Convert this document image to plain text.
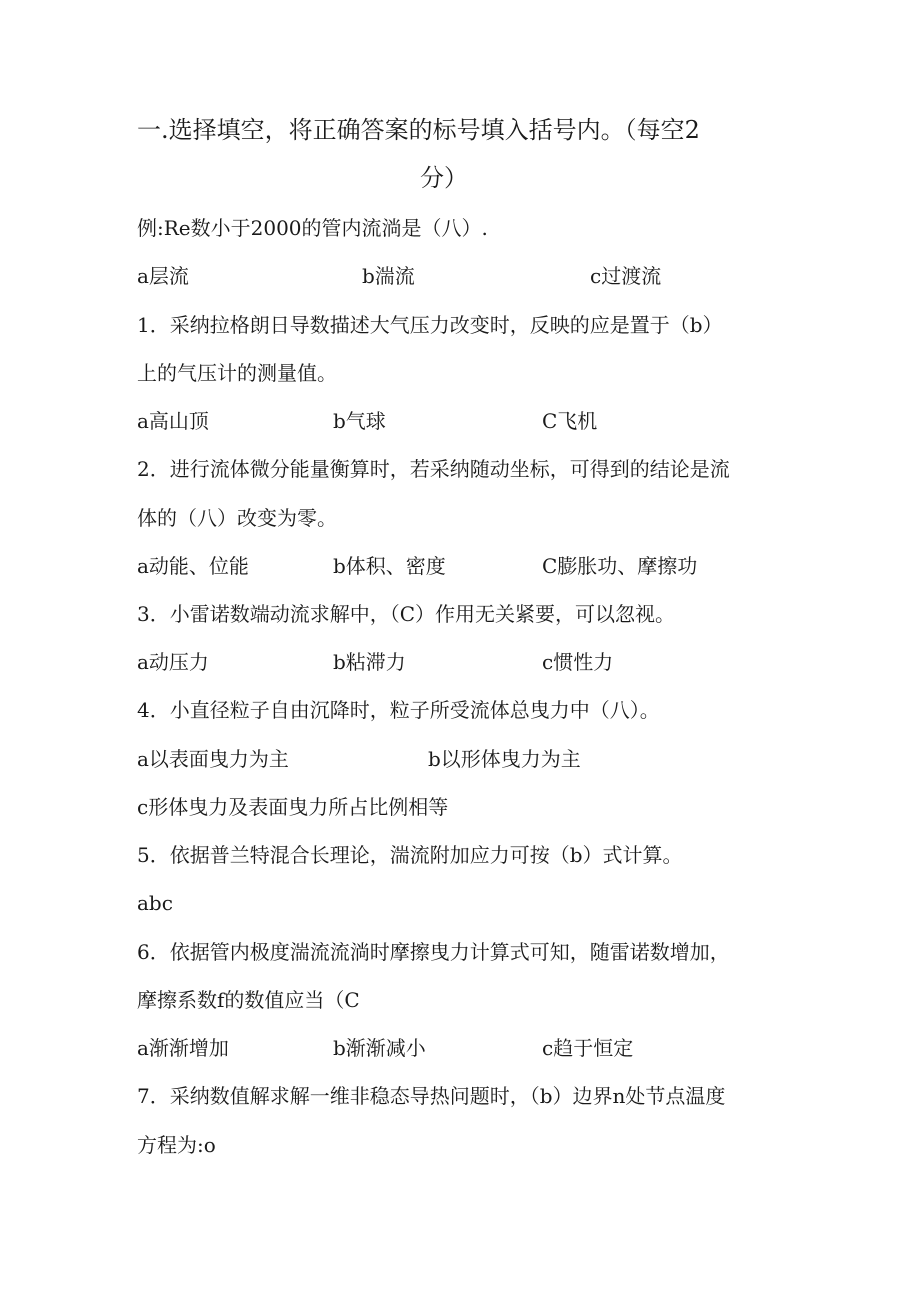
一.选择填空，将正确答案的标号填入括号内。（每空2
分）
例:Re数小于2000的管内流淌是（八）.
a层流	b湍流	c过渡流
1．采纳拉格朗日导数描述大气压力改变时，反映的应是置于（b）
上的气压计的测量值。
a高山顶	b气球	C飞机
2．进行流体微分能量衡算时，若采纳随动坐标，可得到的结论是流
体的（八）改变为零。
a动能、位能	b体积、密度	C膨胀功、摩擦功
3．小雷诺数端动流求解中，（C）作用无关紧要，可以忽视。
a动压力	b粘滞力	c惯性力
4．小直径粒子自由沉降时，粒子所受流体总曳力中（八）。
a以表面曳力为主	b以形体曳力为主
c形体曳力及表面曳力所占比例相等
5．依据普兰特混合长理论，湍流附加应力可按（b）式计算。
abc
6．依据管内极度湍流流淌时摩擦曳力计算式可知，随雷诺数增加，
摩擦系数f的数值应当（C
a渐渐增加	b渐渐减小	c趋于恒定
7．采纳数值解求解一维非稳态导热问题时，（b）边界n处节点温度
方程为:o
